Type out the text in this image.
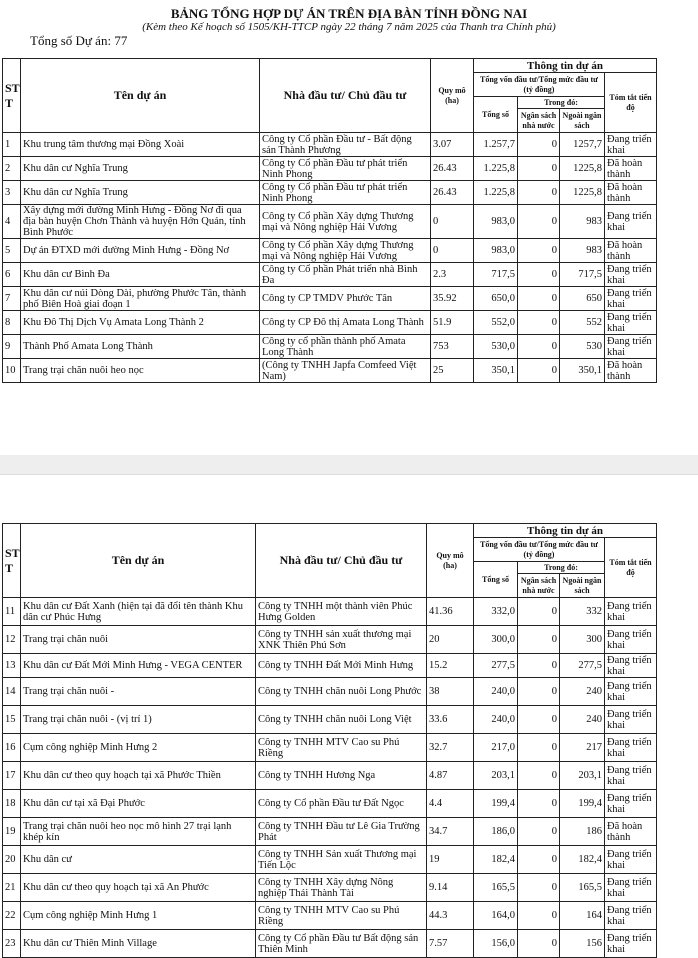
BẢNG TỔNG HỢP DỰ ÁN TRÊN ĐỊA BÀN TỈNH ĐỒNG NAI
(Kèm theo Kế hoạch số 1505/KH-TTCP ngày 22 tháng 7 năm 2025 của Thanh tra Chính phủ)
Tổng số Dự án: 77
ST T	Tên dự án	Nhà đầu tư/ Chủ đầu tư	Quy mô (ha)	Thông tin dự án			
				Tổng vốn đầu tư/Tổng mức đầu tư (tỷ đồng)			Tóm tắt tiến độ
				Tổng số	Trong đó:		
					Ngân sách nhà nước	Ngoài ngân sách	
1	Khu trung tâm thương mại Đồng Xoài	Công ty Cổ phần Đầu tư - Bất động sản Thành Phương	3.07	1.257,7	0	1257,7	Đang triển khai
2	Khu dân cư Nghĩa Trung	Công ty Cổ phần Đầu tư phát triển Ninh Phong	26.43	1.225,8	0	1225,8	Đã hoàn thành
3	Khu dân cư Nghĩa Trung	Công ty Cổ phần Đầu tư phát triển Ninh Phong	26.43	1.225,8	0	1225,8	Đã hoàn thành
4	Xây dựng mới đường Minh Hưng - Đồng Nơ đi qua địa bàn huyện Chơn Thành và huyện Hớn Quản, tỉnh Bình Phước	Công ty Cổ phần Xây dựng Thương mại và Nông nghiệp Hải Vương	0	983,0	0	983	Đang triển khai
5	Dự án ĐTXD mới đường Minh Hưng - Đồng Nơ	Công ty Cổ phần Xây dựng Thương mại và Nông nghiệp Hải Vương	0	983,0	0	983	Đã hoàn thành
6	Khu dân cư Bình Đa	Công ty Cổ phần Phát triển nhà Bình Đa	2.3	717,5	0	717,5	Đang triển khai
7	Khu dân cư núi Dòng Dài, phường Phước Tân, thành phố Biên Hoà giai đoạn 1	Công ty CP TMDV Phước Tân	35.92	650,0	0	650	Đang triển khai
8	Khu Đô Thị Dịch Vụ Amata Long Thành 2	Công ty CP Đô thị Amata Long Thành	51.9	552,0	0	552	Đang triển khai
9	Thành Phố Amata Long Thành	Công ty cổ phần thành phố Amata Long Thành	753	530,0	0	530	Đang triển khai
10	Trang trại chăn nuôi heo nọc	(Công ty TNHH Japfa Comfeed Việt Nam)	25	350,1	0	350,1	Đã hoàn thành
ST T	Tên dự án	Nhà đầu tư/ Chủ đầu tư	Quy mô (ha)	Thông tin dự án			
				Tổng vốn đầu tư/Tổng mức đầu tư (tỷ đồng)			Tóm tắt tiến độ
				Tổng số	Trong đó:		
					Ngân sách nhà nước	Ngoài ngân sách	
11	Khu dân cư Đất Xanh (hiện tại đã đổi tên thành Khu dân cư Phúc Hưng	Công ty TNHH một thành viên Phúc Hưng Golden	41.36	332,0	0	332	Đang triển khai
12	Trang trại chăn nuôi	Công ty TNHH sản xuất thương mại XNK Thiên Phú Sơn	20	300,0	0	300	Đang triển khai
13	Khu dân cư Đất Mới Minh Hưng - VEGA CENTER	Công ty TNHH Đất Mới Minh Hưng	15.2	277,5	0	277,5	Đang triển khai
14	Trang trại chăn nuôi -	Công ty TNHH chăn nuôi Long Phước	38	240,0	0	240	Đang triển khai
15	Trang trại chăn nuôi - (vị trí 1)	Công ty TNHH chăn nuôi Long Việt	33.6	240,0	0	240	Đang triển khai
16	Cụm công nghiệp Minh Hưng 2	Công ty TNHH MTV Cao su Phú Riềng	32.7	217,0	0	217	Đang triển khai
17	Khu dân cư theo quy hoạch tại xã Phước Thiền	Công ty TNHH Hương Nga	4.87	203,1	0	203,1	Đang triển khai
18	Khu dân cư tại xã Đại Phước	Công ty Cổ phần Đầu tư Đất Ngọc	4.4	199,4	0	199,4	Đang triển khai
19	Trang trại chăn nuôi heo nọc mô hình 27 trại lạnh khép kín	Công ty TNHH Đầu tư Lê Gia Trường Phát	34.7	186,0	0	186	Đã hoàn thành
20	Khu dân cư	Công ty TNHH Sản xuất Thương mại Tiến Lộc	19	182,4	0	182,4	Đang triển khai
21	Khu dân cư theo quy hoạch tại xã An Phước	Công ty TNHH Xây dựng Nông nghiệp Thái Thành Tài	9.14	165,5	0	165,5	Đang triển khai
22	Cụm công nghiệp Minh Hưng 1	Công ty TNHH MTV Cao su Phú Riềng	44.3	164,0	0	164	Đang triển khai
23	Khu dân cư Thiên Minh Village	Công ty Cổ phần Đầu tư Bất động sản Thiên Minh	7.57	156,0	0	156	Đang triển khai
